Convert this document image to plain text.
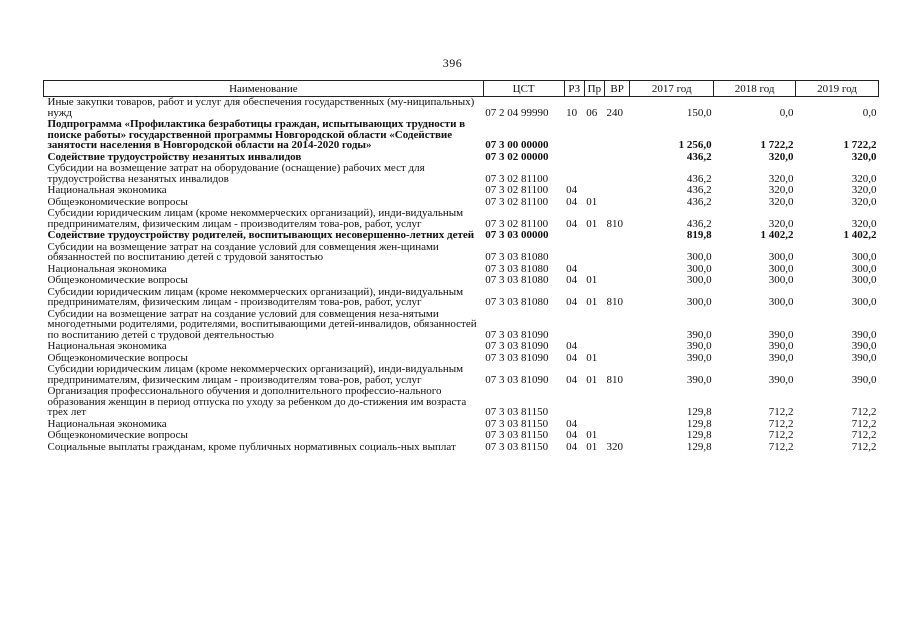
396
Наименование	ЦСТ	РЗ	Пр	ВР	2017 год	2018 год	2019 год
Иные закупки товаров, работ и услуг для обеспечения государственных (му-ниципальных) нужд	07 2 04 99990	10	06	240	150,0	0,0	0,0
Подпрограмма «Профилактика безработицы граждан, испытывающих трудности в поиске работы» государственной программы Новгородской области «Содействие занятости населения в Новгородской области на 2014-2020 годы»	07 3 00 00000				1 256,0	1 722,2	1 722,2
Содействие трудоустройству незанятых инвалидов	07 3 02 00000				436,2	320,0	320,0
Субсидии на возмещение затрат на оборудование (оснащение) рабочих мест для трудоустройства незанятых инвалидов	07 3 02 81100				436,2	320,0	320,0
Национальная экономика	07 3 02 81100	04			436,2	320,0	320,0
Общеэкономические вопросы	07 3 02 81100	04	01		436,2	320,0	320,0
Субсидии юридическим лицам (кроме некоммерческих организаций), инди-видуальным предпринимателям, физическим лицам - производителям това-ров, работ, услуг	07 3 02 81100	04	01	810	436,2	320,0	320,0
Содействие трудоустройству родителей, воспитывающих несовершенно-летних детей	07 3 03 00000				819,8	1 402,2	1 402,2
Субсидии на возмещение затрат на создание условий для совмещения жен-щинами обязанностей по воспитанию детей с трудовой занятостью	07 3 03 81080				300,0	300,0	300,0
Национальная экономика	07 3 03 81080	04			300,0	300,0	300,0
Общеэкономические вопросы	07 3 03 81080	04	01		300,0	300,0	300,0
Субсидии юридическим лицам (кроме некоммерческих организаций), инди-видуальным предпринимателям, физическим лицам - производителям това-ров, работ, услуг	07 3 03 81080	04	01	810	300,0	300,0	300,0
Субсидии на возмещение затрат на создание условий для совмещения неза-нятыми многодетными родителями, родителями, воспитывающими детей-инвалидов, обязанностей по воспитанию детей с трудовой деятельностью	07 3 03 81090				390,0	390,0	390,0
Национальная экономика	07 3 03 81090	04			390,0	390,0	390,0
Общеэкономические вопросы	07 3 03 81090	04	01		390,0	390,0	390,0
Субсидии юридическим лицам (кроме некоммерческих организаций), инди-видуальным предпринимателям, физическим лицам - производителям това-ров, работ, услуг	07 3 03 81090	04	01	810	390,0	390,0	390,0
Организация профессионального обучения и дополнительного профессио-нального образования женщин в период отпуска по уходу за ребенком до до-стижения им возраста трех лет	07 3 03 81150				129,8	712,2	712,2
Национальная экономика	07 3 03 81150	04			129,8	712,2	712,2
Общеэкономические вопросы	07 3 03 81150	04	01		129,8	712,2	712,2
Социальные выплаты гражданам, кроме публичных нормативных социаль-ных выплат	07 3 03 81150	04	01	320	129,8	712,2	712,2
